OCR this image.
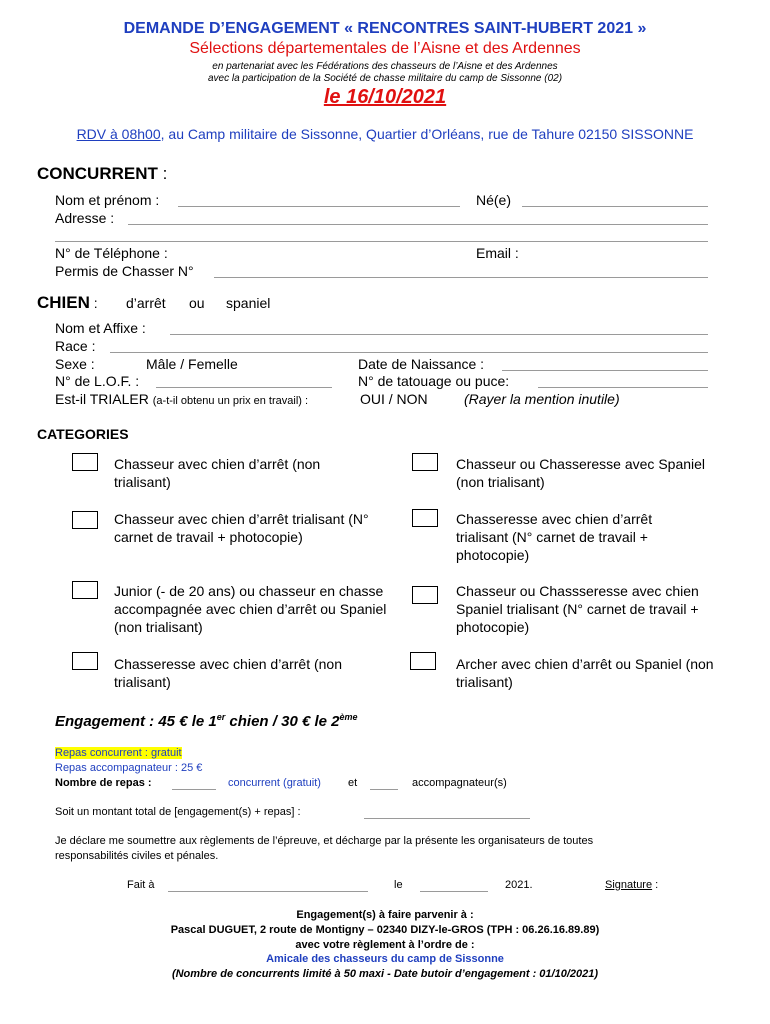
DEMANDE D’ENGAGEMENT « RENCONTRES SAINT-HUBERT 2021 »
Sélections départementales de l’Aisne et des Ardennes
en partenariat avec les Fédérations des chasseurs de l’Aisne et des Ardennes
avec la participation de la Société de chasse militaire du camp de Sissonne (02)
le 16/10/2021
RDV à 08h00, au Camp militaire de Sissonne, Quartier d’Orléans, rue de Tahure 02150 SISSONNE
CONCURRENT :
Nom et prénom :	Né(e)
Adresse :
N° de Téléphone :	Email :
Permis de Chasser N°
CHIEN : d’arrêt ou spaniel
Nom et Affixe :
Race :
Sexe :	Mâle / Femelle	Date de Naissance :
N° de L.O.F. :	N° de tatouage ou puce:
Est-il TRIALER (a-t-il obtenu un prix en travail) :	OUI / NON	(Rayer la mention inutile)
CATEGORIES
Chasseur avec chien d’arrêt (non trialisant)
Chasseur ou Chasseresse avec Spaniel (non trialisant)
Chasseur avec chien d’arrêt trialisant (N° carnet de travail + photocopie)
Chasseresse avec chien d’arrêt trialisant (N° carnet de travail + photocopie)
Junior (- de 20 ans) ou chasseur en chasse accompagnée avec chien d’arrêt ou Spaniel (non trialisant)
Chasseur ou Chassseresse avec chien Spaniel trialisant (N° carnet de travail + photocopie)
Chasseresse avec chien d’arrêt (non trialisant)
Archer avec chien d’arrêt ou Spaniel (non trialisant)
Engagement : 45 € le 1er chien / 30 € le 2ème
Repas concurrent : gratuit
Repas accompagnateur : 25 €
Nombre de repas :	concurrent (gratuit) et	accompagnateur(s)
Soit un montant total de [engagement(s) + repas] :
Je déclare me soumettre aux règlements de l’épreuve, et décharge par la présente les organisateurs de toutes
responsabilités civiles et pénales.
Fait à	le	2021.	Signature :
Engagement(s) à faire parvenir à :
Pascal DUGUET, 2 route de Montigny – 02340 DIZY-le-GROS (TPH : 06.26.16.89.89)
avec votre règlement à l’ordre de :
Amicale des chasseurs du camp de Sissonne
(Nombre de concurrents limité à 50 maxi - Date butoir d’engagement : 01/10/2021)
